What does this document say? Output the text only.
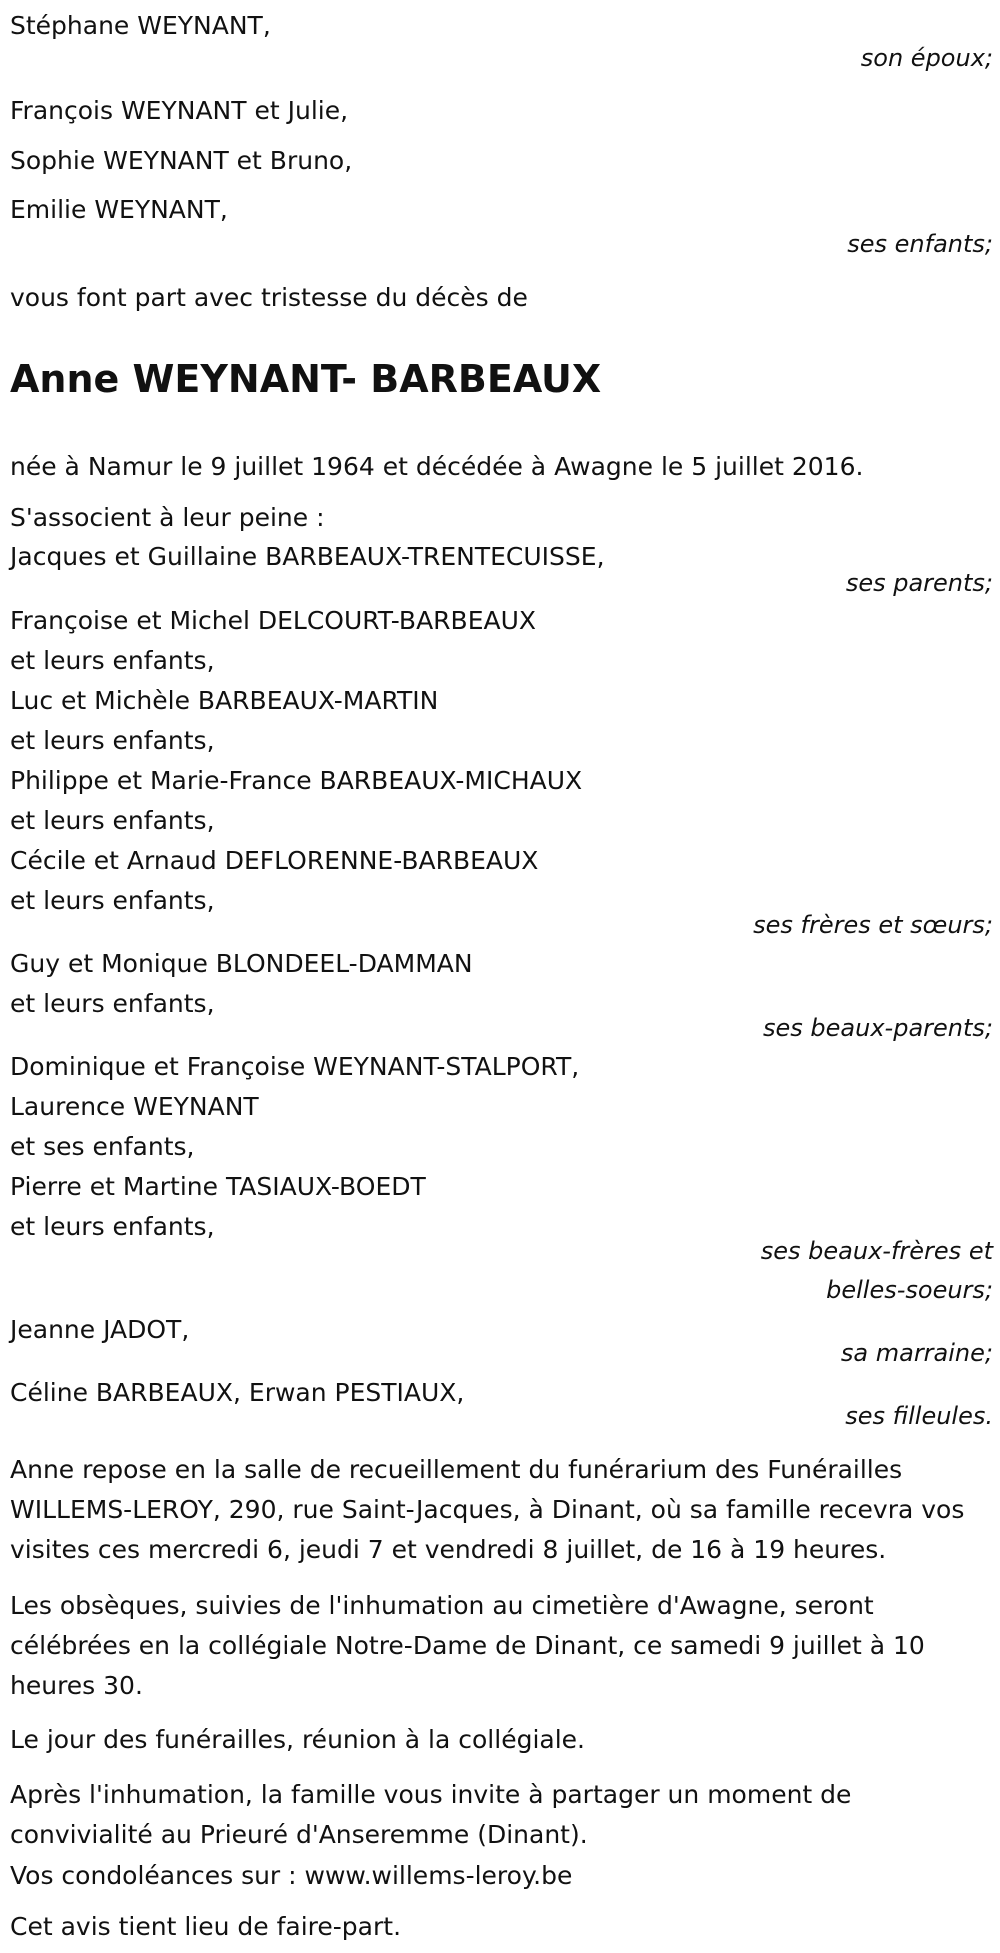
Stéphane WEYNANT,
son époux;
François WEYNANT et Julie,
Sophie WEYNANT et Bruno,
Emilie WEYNANT,
ses enfants;
vous font part avec tristesse du décès de
Anne WEYNANT- BARBEAUX
née à Namur le 9 juillet 1964 et décédée à Awagne le 5 juillet 2016.
S'associent à leur peine :
Jacques et Guillaine BARBEAUX-TRENTECUISSE,
ses parents;
Françoise et Michel DELCOURT-BARBEAUX
et leurs enfants,
Luc et Michèle BARBEAUX-MARTIN
et leurs enfants,
Philippe et Marie-France BARBEAUX-MICHAUX
et leurs enfants,
Cécile et Arnaud DEFLORENNE-BARBEAUX
et leurs enfants,
ses frères et sœurs;
Guy et Monique BLONDEEL-DAMMAN
et leurs enfants,
ses beaux-parents;
Dominique et Françoise WEYNANT-STALPORT,
Laurence WEYNANT
et ses enfants,
Pierre et Martine TASIAUX-BOEDT
et leurs enfants,
ses beaux-frères et
belles-soeurs;
Jeanne JADOT,
sa marraine;
Céline BARBEAUX, Erwan PESTIAUX,
ses filleules.
Anne repose en la salle de recueillement du funérarium des Funérailles WILLEMS-LEROY, 290, rue Saint-Jacques, à Dinant, où sa famille recevra vos visites ces mercredi 6, jeudi 7 et vendredi 8 juillet, de 16 à 19 heures.
Les obsèques, suivies de l'inhumation au cimetière d'Awagne, seront célébrées en la collégiale Notre-Dame de Dinant, ce samedi 9 juillet à 10 heures 30.
Le jour des funérailles, réunion à la collégiale.
Après l'inhumation, la famille vous invite à partager un moment de convivialité au Prieuré d'Anseremme (Dinant).
Vos condoléances sur : www.willems-leroy.be
Cet avis tient lieu de faire-part.
